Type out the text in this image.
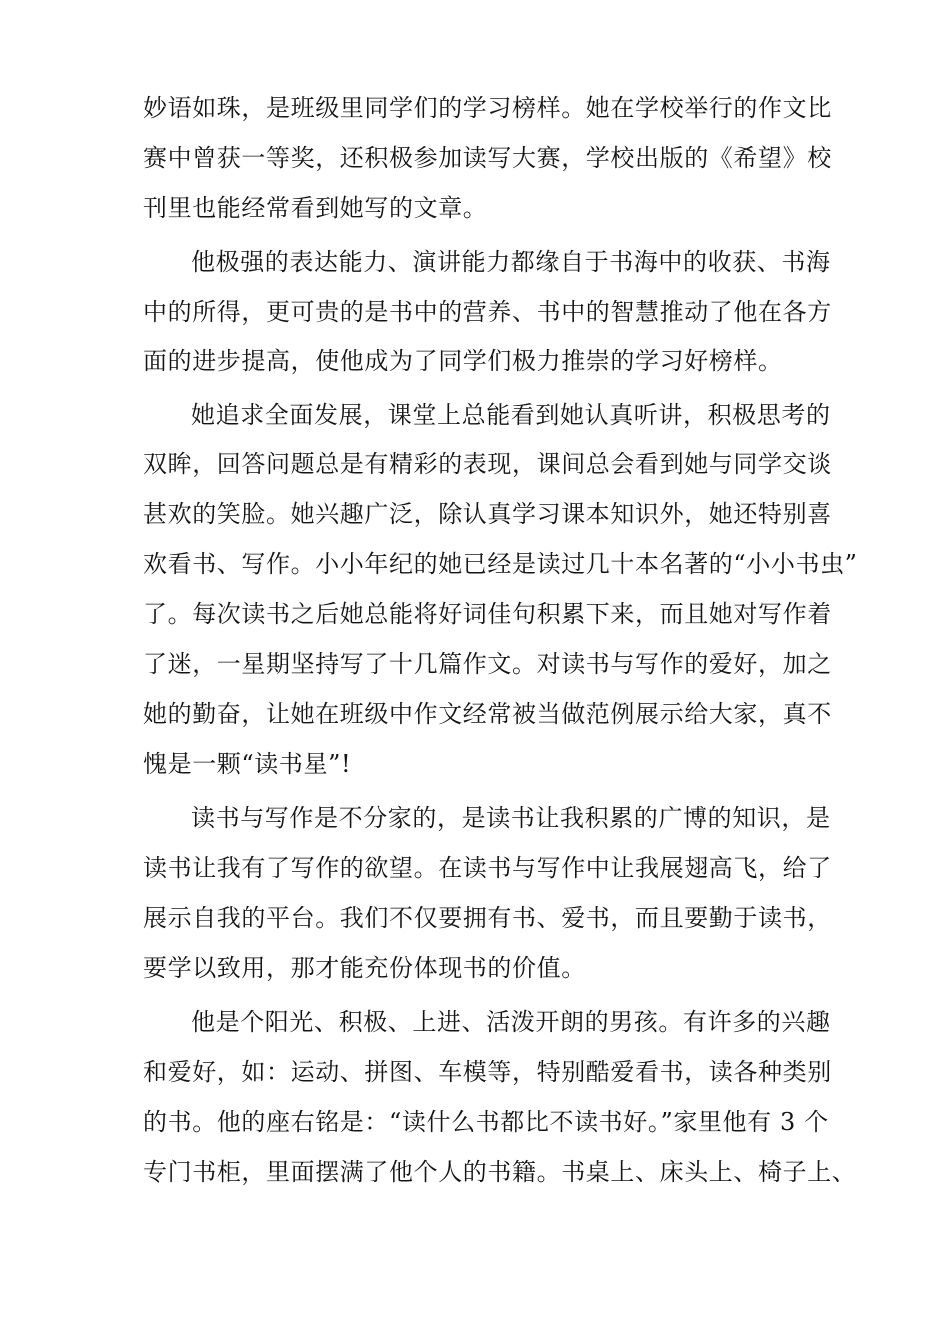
妙语如珠，是班级里同学们的学习榜样。她在学校举行的作文比

赛中曾获一等奖，还积极参加读写大赛，学校出版的《希望》校

刊里也能经常看到她写的文章。

他极强的表达能力、演讲能力都缘自于书海中的收获、书海

中的所得，更可贵的是书中的营养、书中的智慧推动了他在各方

面的进步提高，使他成为了同学们极力推崇的学习好榜样。

她追求全面发展，课堂上总能看到她认真听讲，积极思考的

双眸，回答问题总是有精彩的表现，课间总会看到她与同学交谈

甚欢的笑脸。她兴趣广泛，除认真学习课本知识外，她还特别喜

欢看书、写作。小小年纪的她已经是读过几十本名著的“小小书虫”

了。每次读书之后她总能将好词佳句积累下来，而且她对写作着

了迷，一星期坚持写了十几篇作文。对读书与写作的爱好，加之

她的勤奋，让她在班级中作文经常被当做范例展示给大家，真不

愧是一颗“读书星”!

读书与写作是不分家的，是读书让我积累的广博的知识，是

读书让我有了写作的欲望。在读书与写作中让我展翅高飞，给了

展示自我的平台。我们不仅要拥有书、爱书，而且要勤于读书，

要学以致用，那才能充份体现书的价值。

他是个阳光、积极、上进、活泼开朗的男孩。有许多的兴趣

和爱好，如：运动、拼图、车模等，特别酷爱看书，读各种类别

的书。他的座右铭是：“读什么书都比不读书好。”家里他有 3 个

专门书柜，里面摆满了他个人的书籍。书桌上、床头上、椅子上、
